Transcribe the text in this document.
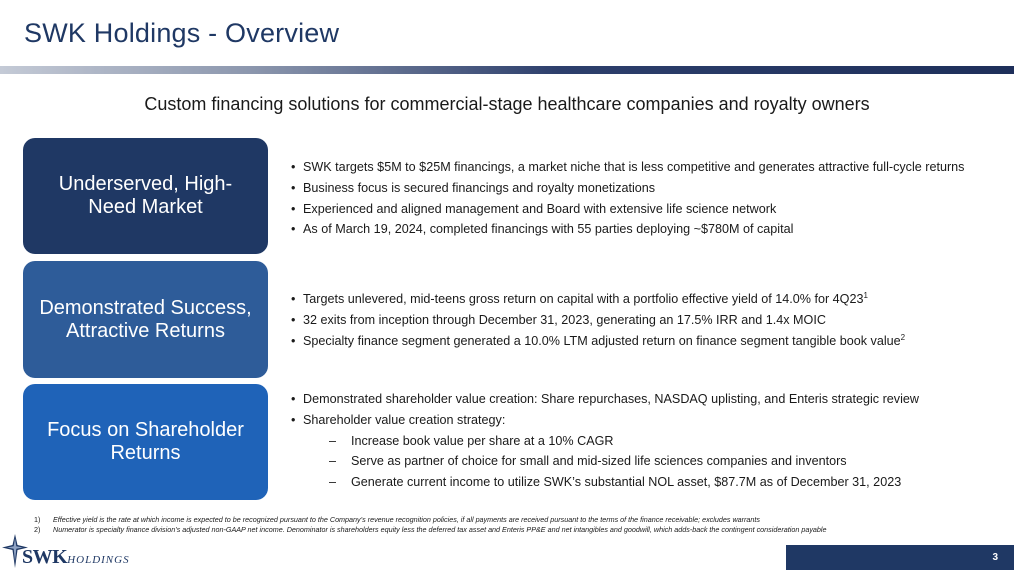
SWK Holdings - Overview
Custom financing solutions for commercial-stage healthcare companies and royalty owners
Underserved, High-Need Market
Demonstrated Success, Attractive Returns
Focus on Shareholder Returns
• SWK targets $5M to $25M financings, a market niche that is less competitive and generates attractive full-cycle returns
• Business focus is secured financings and royalty monetizations
• Experienced and aligned management and Board with extensive life science network
• As of March 19, 2024, completed financings with 55 parties deploying ~$780M of capital
• Targets unlevered, mid-teens gross return on capital with a portfolio effective yield of 14.0% for $4Q23^1$
• 32 exits from inception through December 31, 2023, generating an 17.5% IRR and 1.4x MOIC
• Specialty finance segment generated a 10.0% LTM adjusted return on finance segment tangible book value$^2$
• Demonstrated shareholder value creation: Share repurchases, NASDAQ uplisting, and Enteris strategic review
• Shareholder value creation strategy:
– Increase book value per share at a 10% CAGR
– Serve as partner of choice for small and mid-sized life sciences companies and inventors
– Generate current income to utilize SWK’s substantial NOL asset, $87.7M as of December 31, 2023
1) Effective yield is the rate at which income is expected to be recognized pursuant to the Company’s revenue recognition policies, if all payments are received pursuant to the terms of the finance receivable; excludes warrants
2) Numerator is specialty finance division’s adjusted non-GAAP net income. Denominator is shareholders equity less the deferred tax asset and Enteris PP&E and net intangibles and goodwill, which adds-back the contingent consideration payable
SWKHOLDINGS	3
